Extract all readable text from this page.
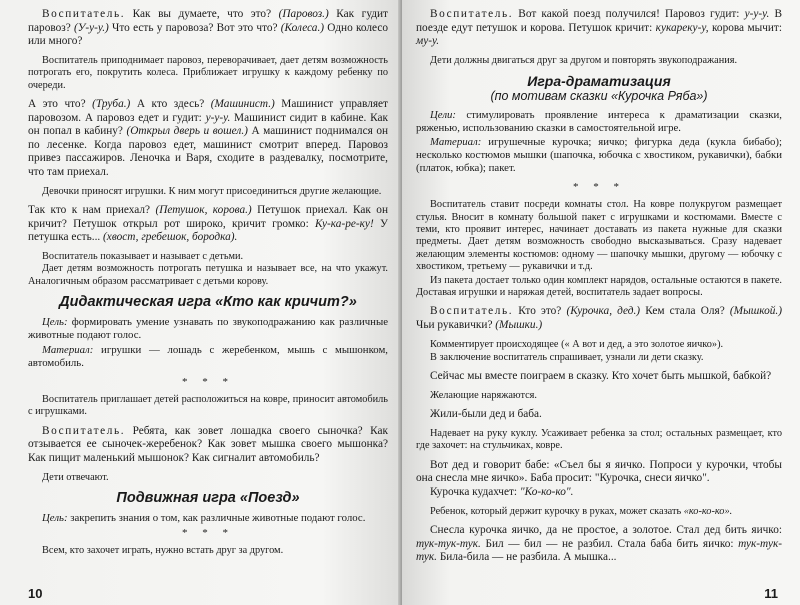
Воспитатель. Как вы думаете, что это? (Паровоз.) Как гудит паровоз? (У-у-у.) Что есть у паровоза? Вот это что? (Колеса.) Одно колесо или много?

Воспитатель приподнимает паровоз, переворачивает, дает детям возможность потрогать его, покрутить колеса. Приближает игрушку к каждому ребенку по очереди.

А это что? (Труба.) А кто здесь? (Машинист.) Машинист управляет паровозом. А паровоз едет и гудит: у-у-у. Машинист сидит в кабине. Как он попал в кабину? (Открыл дверь и вошел.) А машинист поднимался он по лесенке. Когда паровоз едет, машинист смотрит вперед. Паровоз привез пассажиров. Леночка и Варя, сходите в раздевалку, посмотрите, что там приехал.

Девочки приносят игрушки. К ним могут присоединиться другие желающие.

Так кто к нам приехал? (Петушок, корова.) Петушок приехал. Как он кричит? Петушок открыл рот широко, кричит громко: Ку-ка-ре-ку! У петушка есть... (хвост, гребешок, бородка).

Воспитатель показывает и называет с детьми.

Дает детям возможность потрогать петушка и называет все, на что укажут. Аналогичным образом рассматривает с детьми корову.

Дидактическая игра «Кто как кричит?»

Цель: формировать умение узнавать по звукоподражанию как различные животные подают голос.

Материал: игрушки — лошадь с жеребенком, мышь с мышонком, автомобиль.

* * *

Воспитатель приглашает детей расположиться на ковре, приносит автомобиль с игрушками.

Воспитатель. Ребята, как зовет лошадка своего сыночка? Как отзывается ее сыночек-жеребенок? Как зовет мышка своего мышонка? Как пищит маленький мышонок? Как сигналит автомобиль?

Дети отвечают.

Подвижная игра «Поезд»

Цель: закрепить знания о том, как различные животные подают голос.

* * *

Всем, кто захочет играть, нужно встать друг за другом.

10

Воспитатель. Вот какой поезд получился! Паровоз гудит: у-у-у. В поезде едут петушок и корова. Петушок кричит: кукареку-у, корова мычит: му-у.

Дети должны двигаться друг за другом и повторять звукоподражания.

Игра-драматизация
(по мотивам сказки «Курочка Ряба»)

Цели: стимулировать проявление интереса к драматизации сказки, ряженью, использованию сказки в самостоятельной игре.

Материал: игрушечные курочка; яичко; фигурка деда (кукла бибабо); несколько костюмов мышки (шапочка, юбочка с хвостиком, рукавички), бабки (платок, юбка); пакет.

* * *

Воспитатель ставит посреди комнаты стол. На ковре полукругом размещает стулья. Вносит в комнату большой пакет с игрушками и костюмами. Вместе с теми, кто проявит интерес, начинает доставать из пакета нужные для сказки предметы. Дает детям возможность свободно высказываться. Сразу надевает желающим элементы костюмов: одному — шапочку мышки, другому — юбочку с хвостиком, третьему — рукавички и т.д.

Из пакета достает только один комплект нарядов, остальные остаются в пакете. Доставая игрушки и наряжая детей, воспитатель задает вопросы.

Воспитатель. Кто это? (Курочка, дед.) Кем стала Оля? (Мышкой.) Чьи рукавички? (Мышки.)

Комментирует происходящее (« А вот и дед, а это золотое яичко»).

В заключение воспитатель спрашивает, узнали ли дети сказку.

Сейчас мы вместе поиграем в сказку. Кто хочет быть мышкой, бабкой?

Желающие наряжаются.

Жили-были дед и баба.

Надевает на руку куклу. Усаживает ребенка за стол; остальных размещает, кто где захочет: на стульчиках, ковре.

Вот дед и говорит бабе: «Съел бы я яичко. Попроси у курочки, чтобы она снесла мне яичко». Баба просит: "Курочка, снеси яичко".

Курочка кудахчет: "Ко-ко-ко".

Ребенок, который держит курочку в руках, может сказать «ко-ко-ко».

Снесла курочка яичко, да не простое, а золотое. Стал дед бить яичко: тук-тук-тук. Бил — бил — не разбил. Стала баба бить яичко: тук-тук-тук. Била-била — не разбила. А мышка...

11
